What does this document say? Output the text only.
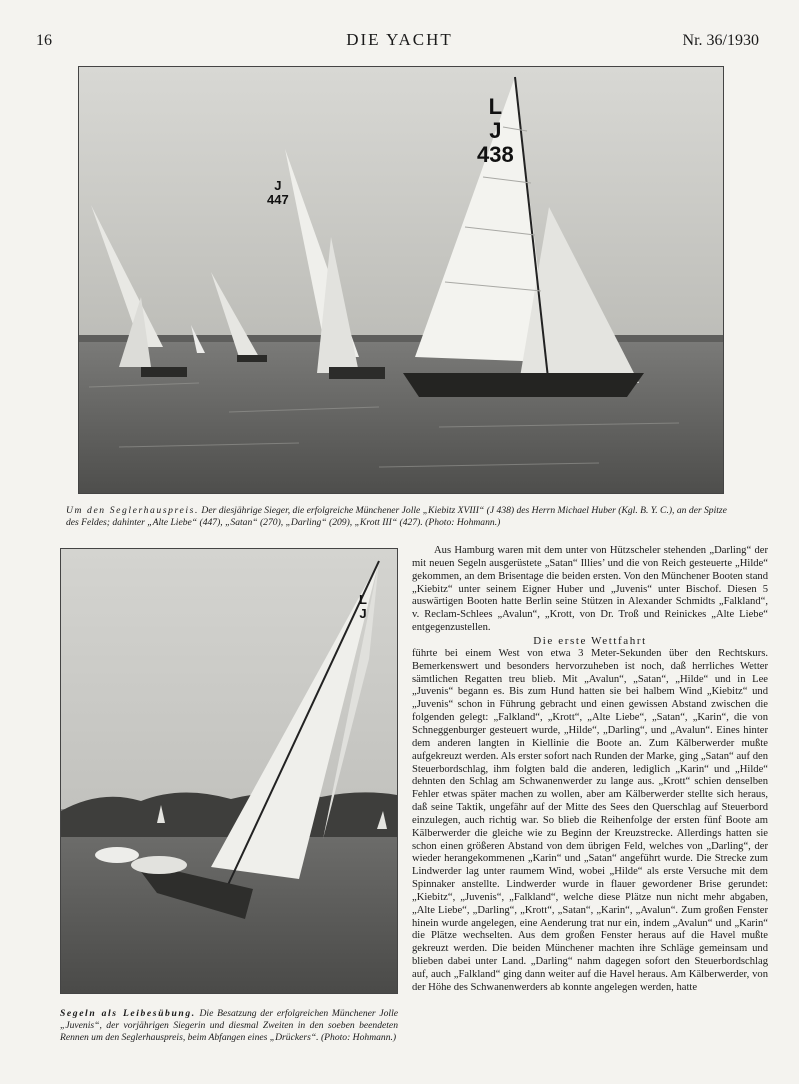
16	DIE YACHT	Nr. 36/1930
L
J
438
J
447
Um den Seglerhauspreis. Der diesjährige Sieger, die erfolgreiche Münchener Jolle „Kiebitz XVIII“ (J 438) des Herrn Michael Huber (Kgl. B. Y. C.), an der Spitze des Feldes; dahinter „Alte Liebe“ (447), „Satan“ (270), „Darling“ (209), „Krott III“ (427). (Photo: Hohmann.)
L
J
Segeln als Leibesübung. Die Besatzung der erfolgreichen Münchener Jolle „Juvenis“, der vorjährigen Siegerin und diesmal Zweiten in den soeben beendeten Rennen um den Seglerhauspreis, beim Abfangen eines „Drückers“. (Photo: Hohmann.)

Aus Hamburg waren mit dem unter von Hützscheler stehenden „Darling“ der mit neuen Segeln ausgerüstete „Satan“ Illies’ und die von Reich gesteuerte „Hilde“ gekommen, an dem Brisentage die beiden ersten. Von den Münchener Booten stand „Kiebitz“ unter seinem Eigner Huber und „Juvenis“ unter Bischof. Diesen 5 auswärtigen Booten hatte Berlin seine Stützen in Alexander Schmidts „Falkland“, v. Reclam-Schlees „Avalun“, „Krott, von Dr. Troß und Reinickes „Alte Liebe“ entgegenzustellen.

Die erste Wettfahrt

führte bei einem West von etwa 3 Meter-Sekunden über den Rechtskurs. Bemerkenswert und besonders hervorzuheben ist noch, daß herrliches Wetter sämtlichen Regatten treu blieb. Mit „Avalun“, „Satan“, „Hilde“ und in Lee „Juvenis“ begann es. Bis zum Hund hatten sie bei halbem Wind „Kiebitz“ und „Juvenis“ schon in Führung gebracht und einen gewissen Abstand zwischen die folgenden gelegt: „Falkland“, „Krott“, „Alte Liebe“, „Satan“, „Karin“, die von Schneggenburger gesteuert wurde, „Hilde“, „Darling“, und „Avalun“. Eines hinter dem anderen langten in Kiellinie die Boote an. Zum Kälberwerder mußte aufgekreuzt werden. Als erster sofort nach Runden der Marke, ging „Satan“ auf den Steuerbordschlag, ihm folgten bald die anderen, lediglich „Karin“ und „Hilde“ dehnten den Schlag am Schwanenwerder zu lange aus. „Krott“ schien denselben Fehler etwas später machen zu wollen, aber am Kälberwerder stellte sich heraus, daß seine Taktik, ungefähr auf der Mitte des Sees den Querschlag auf Steuerbord einzulegen, auch richtig war. So blieb die Reihenfolge der ersten fünf Boote am Kälberwerder die gleiche wie zu Beginn der Kreuzstrecke. Allerdings hatten sie schon einen größeren Abstand von dem übrigen Feld, welches von „Darling“, der wieder herangekommenen „Karin“ und „Satan“ angeführt wurde. Die Strecke zum Lindwerder lag unter raumem Wind, wobei „Hilde“ als erste Versuche mit dem Spinnaker anstellte. Lindwerder wurde in flauer gewordener Brise gerundet: „Kiebitz“, „Juvenis“, „Falkland“, welche diese Plätze nun nicht mehr abgaben, „Alte Liebe“, „Darling“, „Krott“, „Satan“, „Karin“, „Avalun“. Zum großen Fenster hinein wurde angelegen, eine Aenderung trat nur ein, indem „Avalun“ und „Karin“ die Plätze wechselten. Aus dem großen Fenster heraus auf die Havel mußte gekreuzt werden. Die beiden Münchener machten ihre Schläge gemeinsam und blieben dabei unter Land. „Darling“ nahm dagegen sofort den Steuerbordschlag auf, auch „Falkland“ ging dann weiter auf die Havel heraus. Am Kälberwerder, von der Höhe des Schwanenwerders ab konnte angelegen werden, hatte
